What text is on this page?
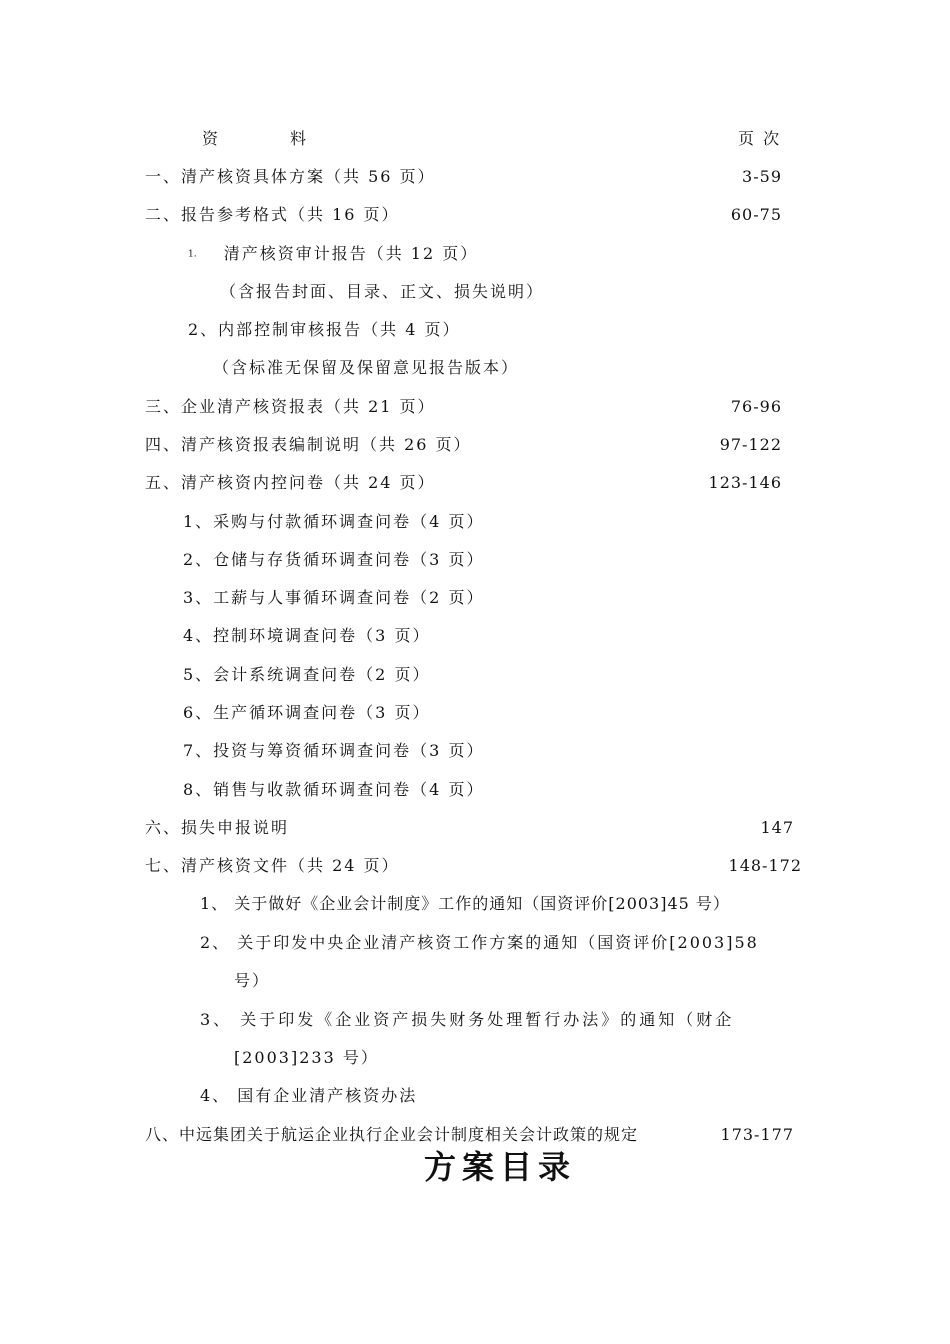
资	料	页 次
一、清产核资具体方案（共 56 页）	3-59
二、报告参考格式（共 16 页）	60-75
1. 清产核资审计报告（共 12 页）
（含报告封面、目录、正文、损失说明）
2、内部控制审核报告（共 4 页）
（含标准无保留及保留意见报告版本）
三、企业清产核资报表（共 21 页）	76-96
四、清产核资报表编制说明（共 26 页）	97-122
五、清产核资内控问卷（共 24 页）	123-146
1、采购与付款循环调查问卷（4 页）
2、仓储与存货循环调查问卷（3 页）
3、工薪与人事循环调查问卷（2 页）
4、控制环境调查问卷（3 页）
5、会计系统调查问卷（2 页）
6、生产循环调查问卷（3 页）
7、投资与筹资循环调查问卷（3 页）
8、销售与收款循环调查问卷（4 页）
六、损失申报说明	147
七、清产核资文件（共 24 页）	148-172
1、 关于做好《企业会计制度》工作的通知（国资评价[2003]45 号）
2、 关于印发中央企业清产核资工作方案的通知（国资评价[2003]58
号）
3、 关于印发《企业资产损失财务处理暂行办法》的通知（财企
[2003]233 号）
4、 国有企业清产核资办法
八、中远集团关于航运企业执行企业会计制度相关会计政策的规定	173-177
方案目录
